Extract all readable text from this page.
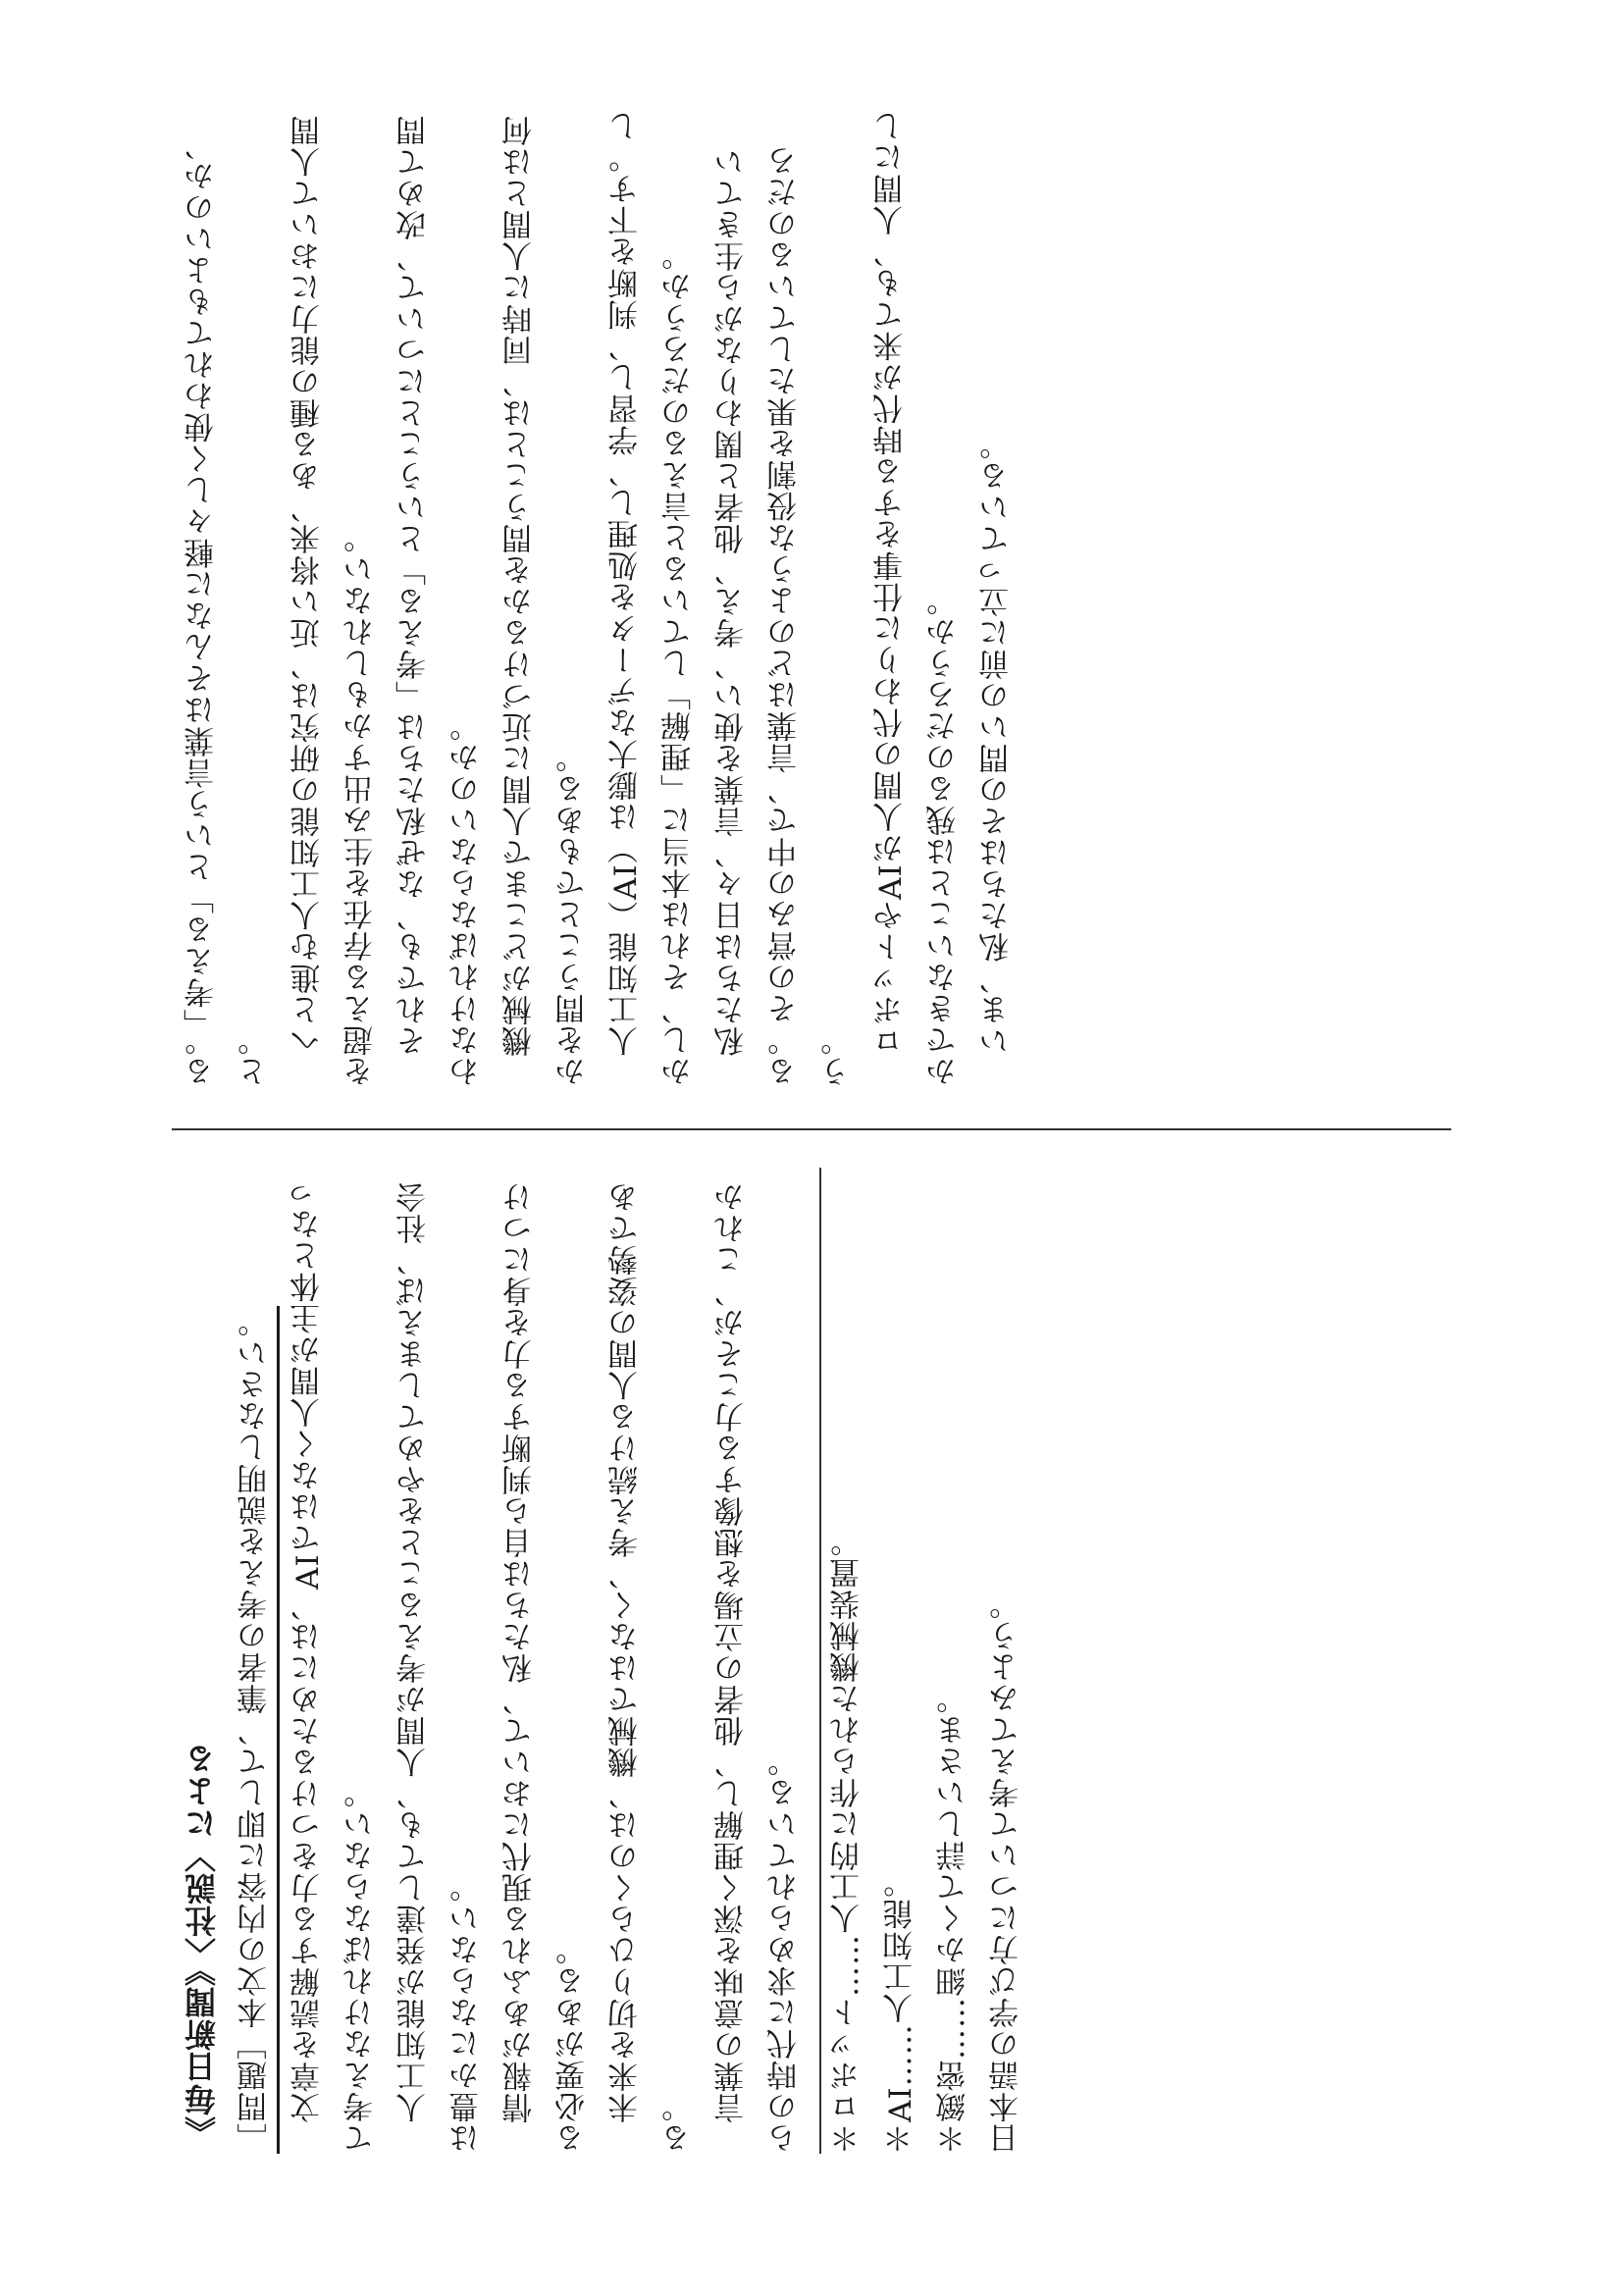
る。「考える」という言葉はそんなに軽々しく使われてもよいのか、と。 へと進む人工知能の研究は、近い将来、ある種の能力において人間を超える存在を生み出すかもしれない。 それでも、なぜ私たちは「考える」ということについて、改めて問わなければならないのか。 機械がどこまで人間に近づけるかを問うことは、同時に人間とは何かを問うことでもある。 人工知能（AI）は膨大なデータを処理し、学習し、判断を下す。しかし、それは本当に「理解」していると言えるのだろうか。 私たちは日々、言葉を使い、考え、他者と関わりながら生きている。その営みの中で、言葉はどのような役割を果たしているのだろう。 ロボットやAIが人間の代わりに仕事をする時代が来ても、人間にしかできないことは残るのだろうか。 いま、私たちはその問いの前に立っている。

《毎日新聞》〈社説〉による ［問題］本文の内容に即して、筆者の考えを説明しなさい。 文章を読解する力をつけるためには、AIではなく人間が主体となって考えなければならない。 人工知能が発達しても、人間が考えることをやめてしまえば、社会は豊かにならない。 情報があふれる現代において、私たちは自ら判断する力を身につける必要がある。 未来を切りひらくのは、機械ではなく、考え続ける人間の姿勢である。 言葉の意味を深く理解し、他者の立場を想像する力こそが、これからの時代に求められている。 ＊ロボット……人工的に作られた機械装置。 ＊AI……人工知能。 ＊緻密……細かくて詳しいさま。 日本語の学び方について考えてみよう。
